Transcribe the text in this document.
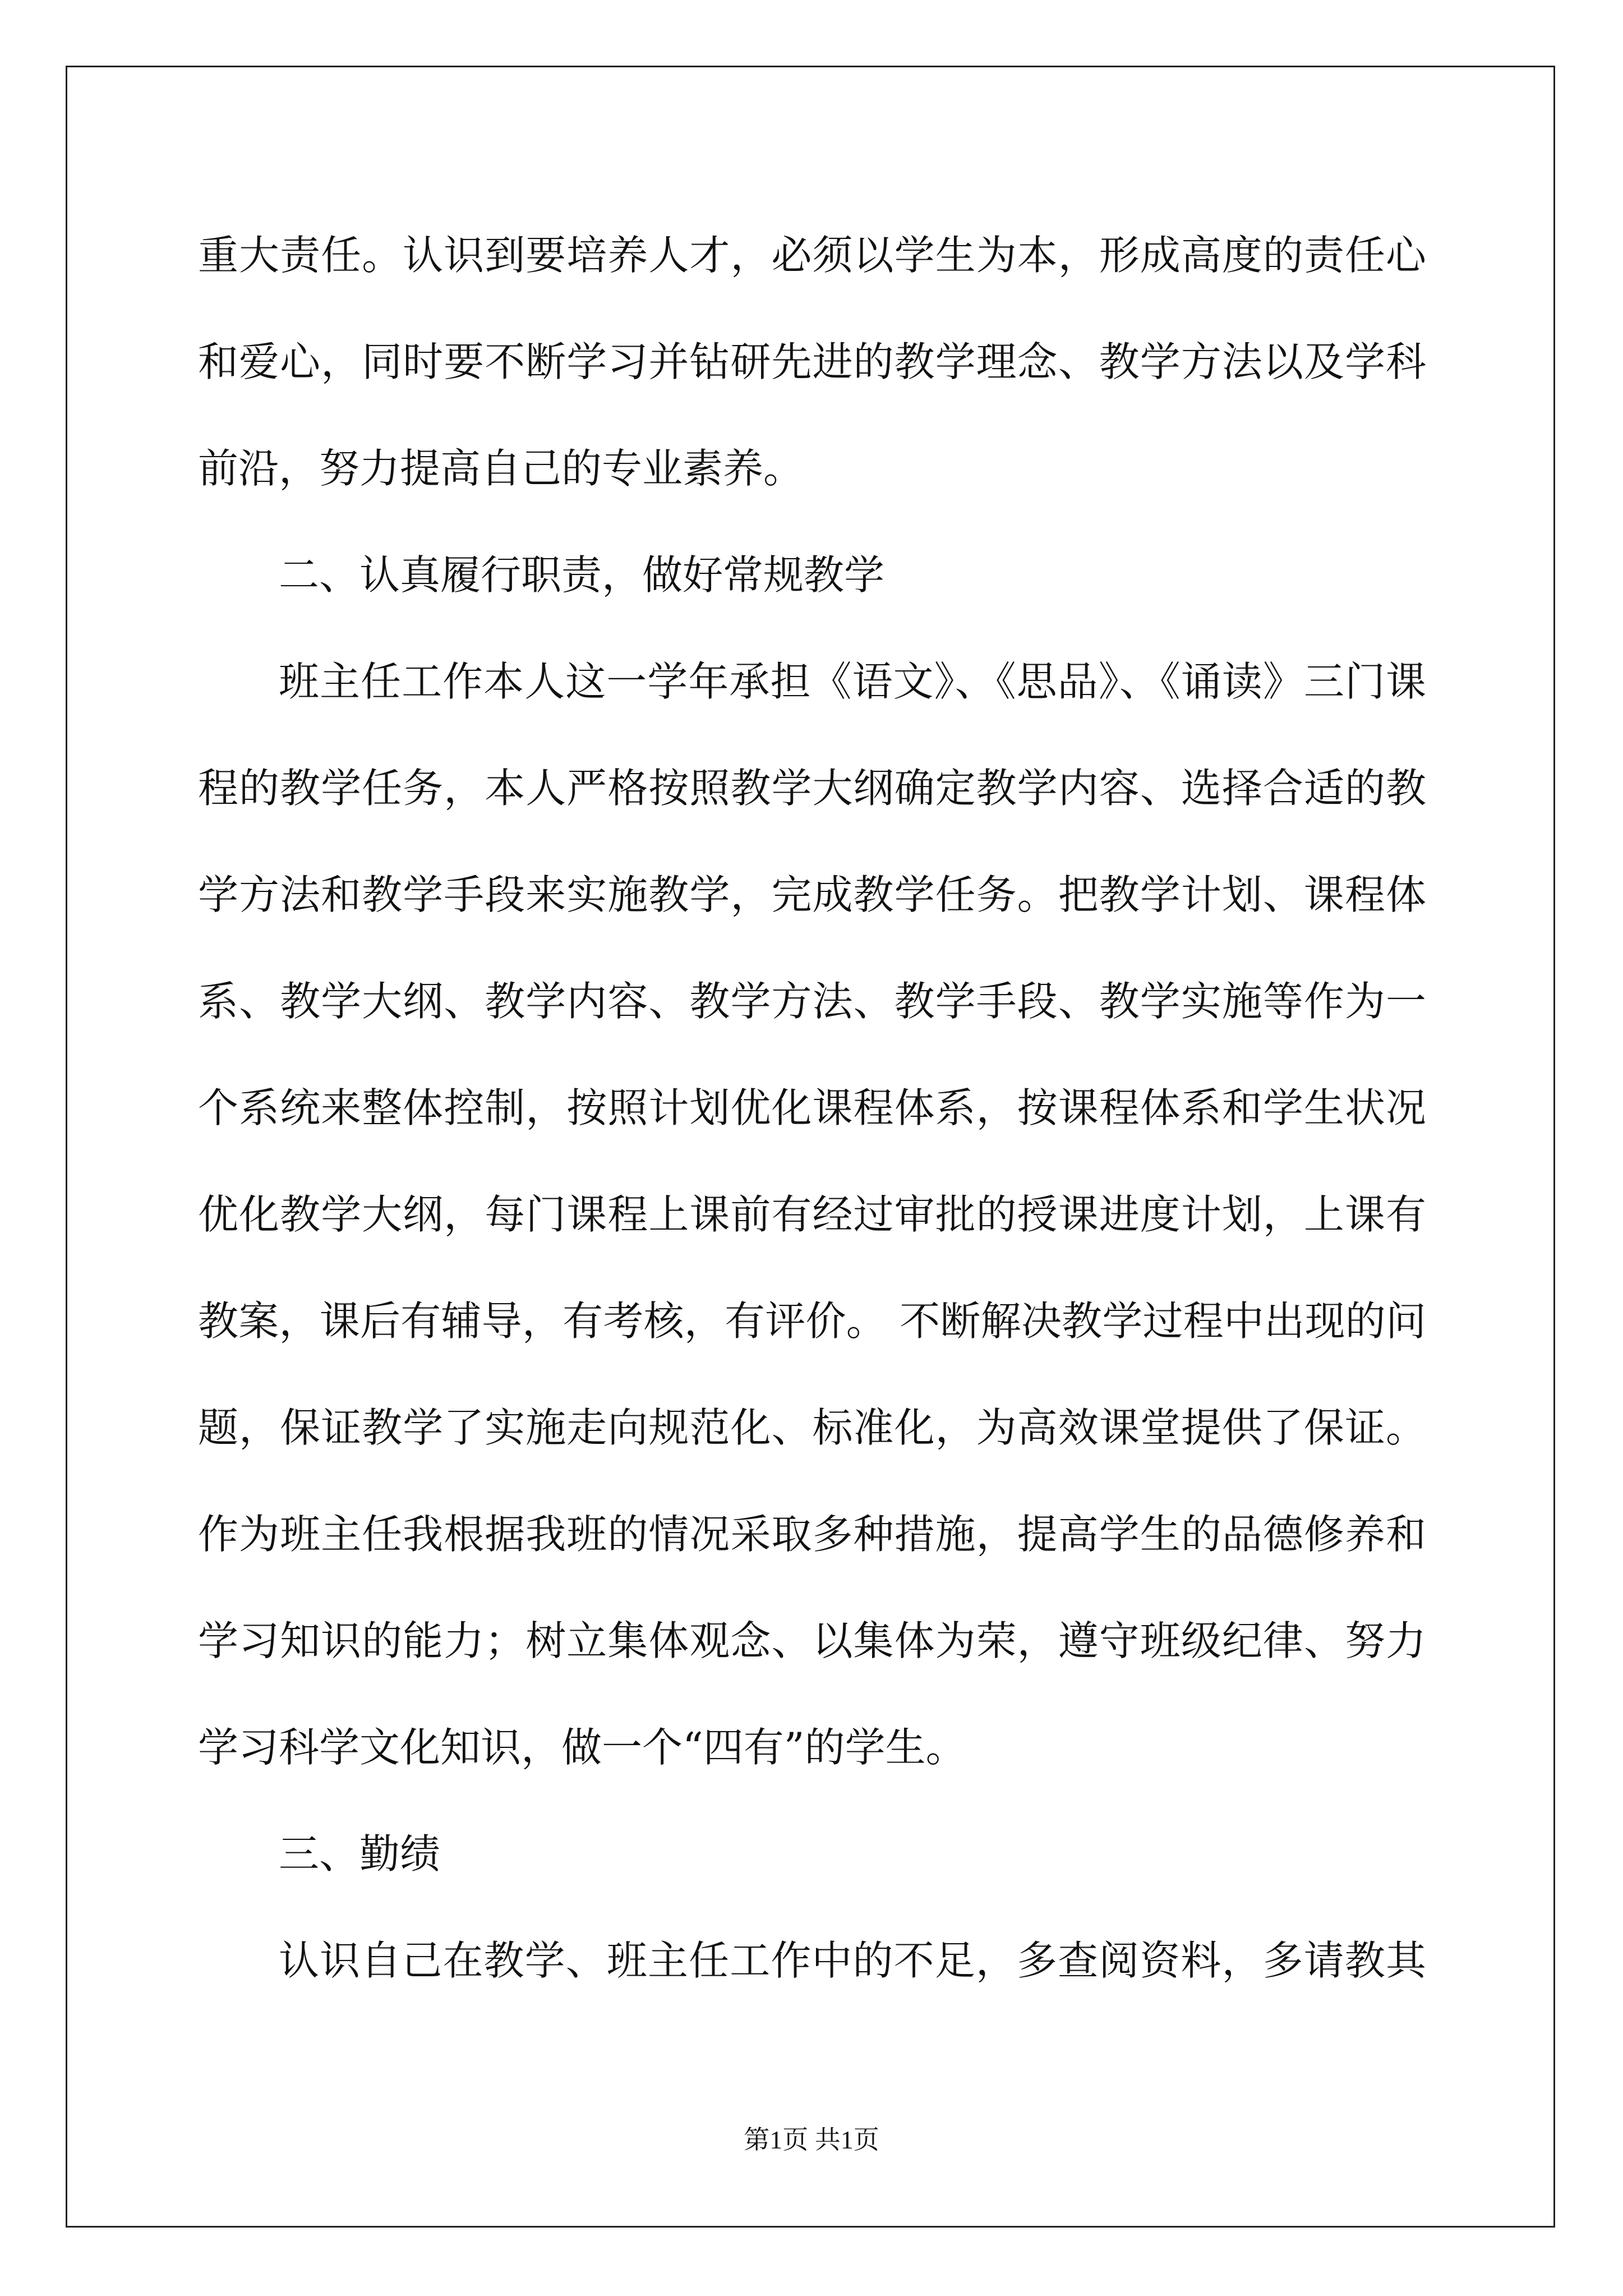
重大责任。认识到要培养人才，必须以学生为本，形成高度的责任心
和爱心，同时要不断学习并钻研先进的教学理念、教学方法以及学科
前沿，努力提高自己的专业素养。
二、认真履行职责，做好常规教学
班主任工作本人这一学年承担《语文》、《思品》、《诵读》三门课
程的教学任务，本人严格按照教学大纲确定教学内容、选择合适的教
学方法和教学手段来实施教学，完成教学任务。把教学计划、课程体
系、教学大纲、教学内容、教学方法、教学手段、教学实施等作为一
个系统来整体控制，按照计划优化课程体系，按课程体系和学生状况
优化教学大纲，每门课程上课前有经过审批的授课进度计划，上课有
教案，课后有辅导，有考核，有评价。 不断解决教学过程中出现的问
题，保证教学了实施走向规范化、标准化，为高效课堂提供了保证。
作为班主任我根据我班的情况采取多种措施，提高学生的品德修养和
学习知识的能力；树立集体观念、以集体为荣，遵守班级纪律、努力
学习科学文化知识，做一个“四有”的学生。
三、勤绩
认识自己在教学、班主任工作中的不足，多查阅资料，多请教其
第1页 共1页
